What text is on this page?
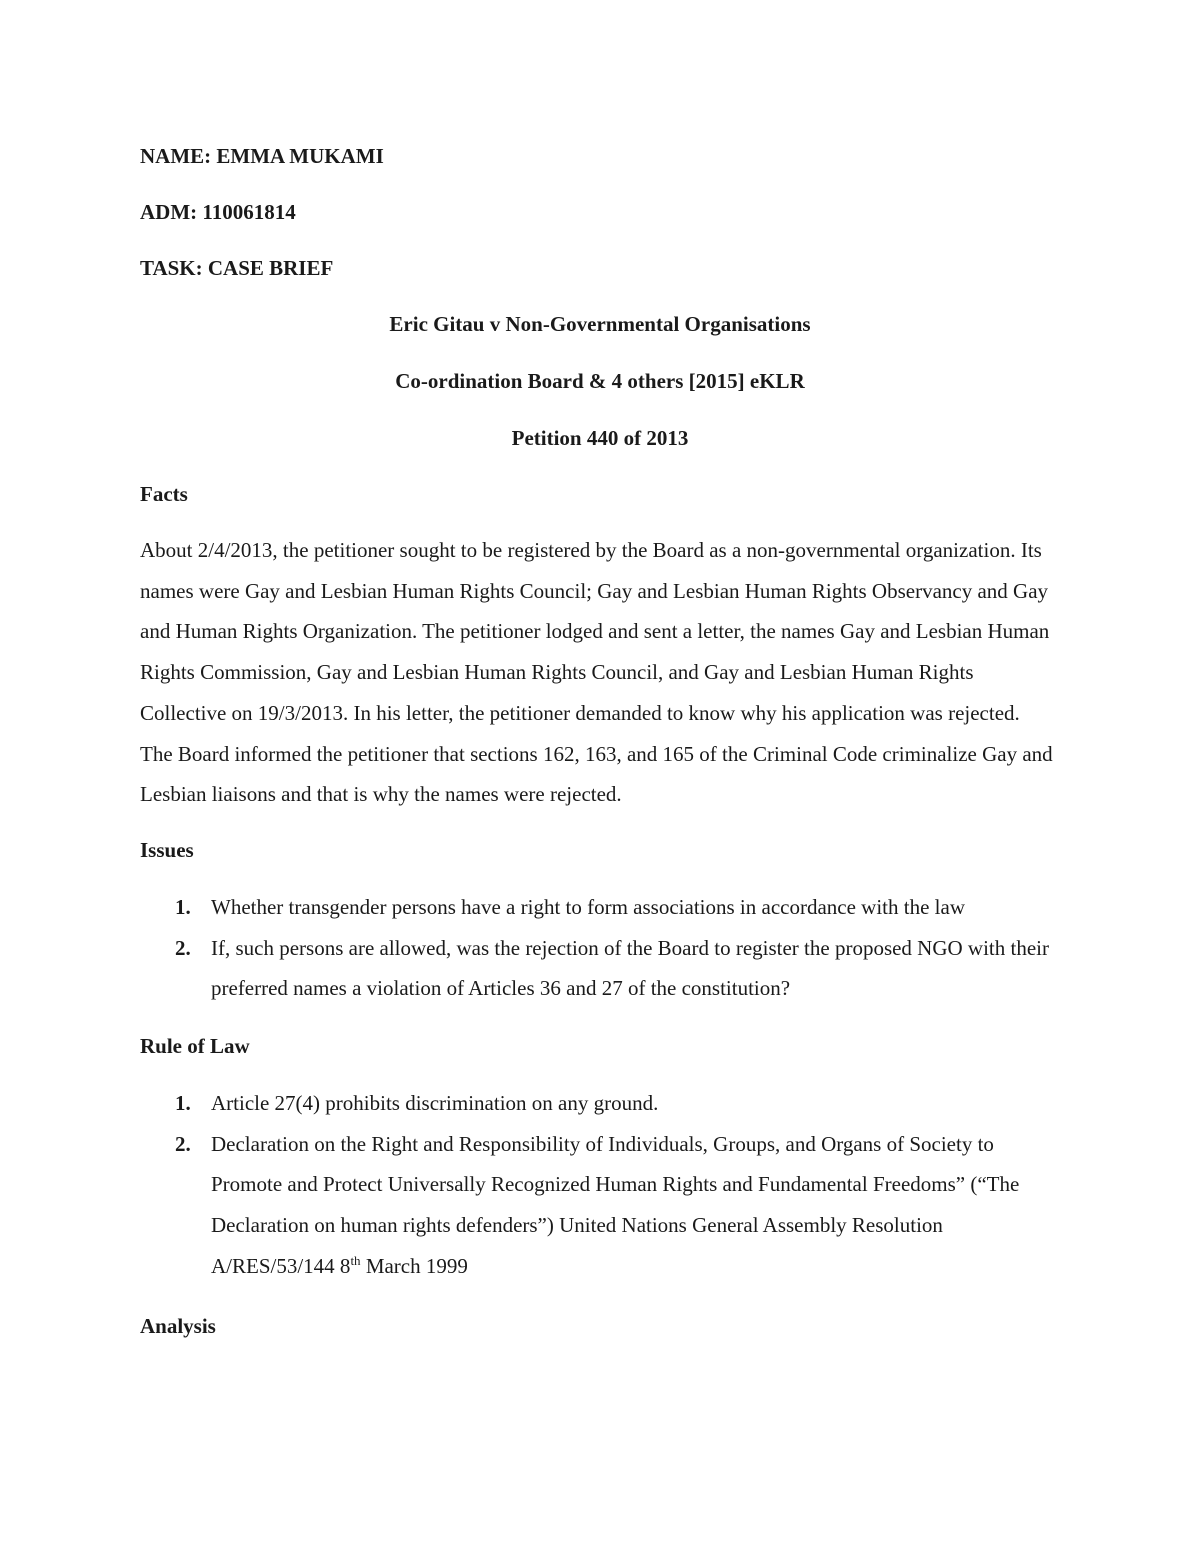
NAME: EMMA MUKAMI

ADM: 110061814

TASK: CASE BRIEF

Eric Gitau v Non-Governmental Organisations

Co-ordination Board & 4 others [2015] eKLR

Petition 440 of 2013

Facts

About 2/4/2013, the petitioner sought to be registered by the Board as a non-governmental organization. Its names were Gay and Lesbian Human Rights Council; Gay and Lesbian Human Rights Observancy and Gay and Human Rights Organization. The petitioner lodged and sent a letter, the names Gay and Lesbian Human Rights Commission, Gay and Lesbian Human Rights Council, and Gay and Lesbian Human Rights Collective on 19/3/2013. In his letter, the petitioner demanded to know why his application was rejected. The Board informed the petitioner that sections 162, 163, and 165 of the Criminal Code criminalize Gay and Lesbian liaisons and that is why the names were rejected.

Issues

1. Whether transgender persons have a right to form associations in accordance with the law
2. If, such persons are allowed, was the rejection of the Board to register the proposed NGO with their preferred names a violation of Articles 36 and 27 of the constitution?

Rule of Law

1. Article 27(4) prohibits discrimination on any ground.
2. Declaration on the Right and Responsibility of Individuals, Groups, and Organs of Society to Promote and Protect Universally Recognized Human Rights and Fundamental Freedoms” (“The Declaration on human rights defenders”) United Nations General Assembly Resolution A/RES/53/144 8th March 1999

Analysis
